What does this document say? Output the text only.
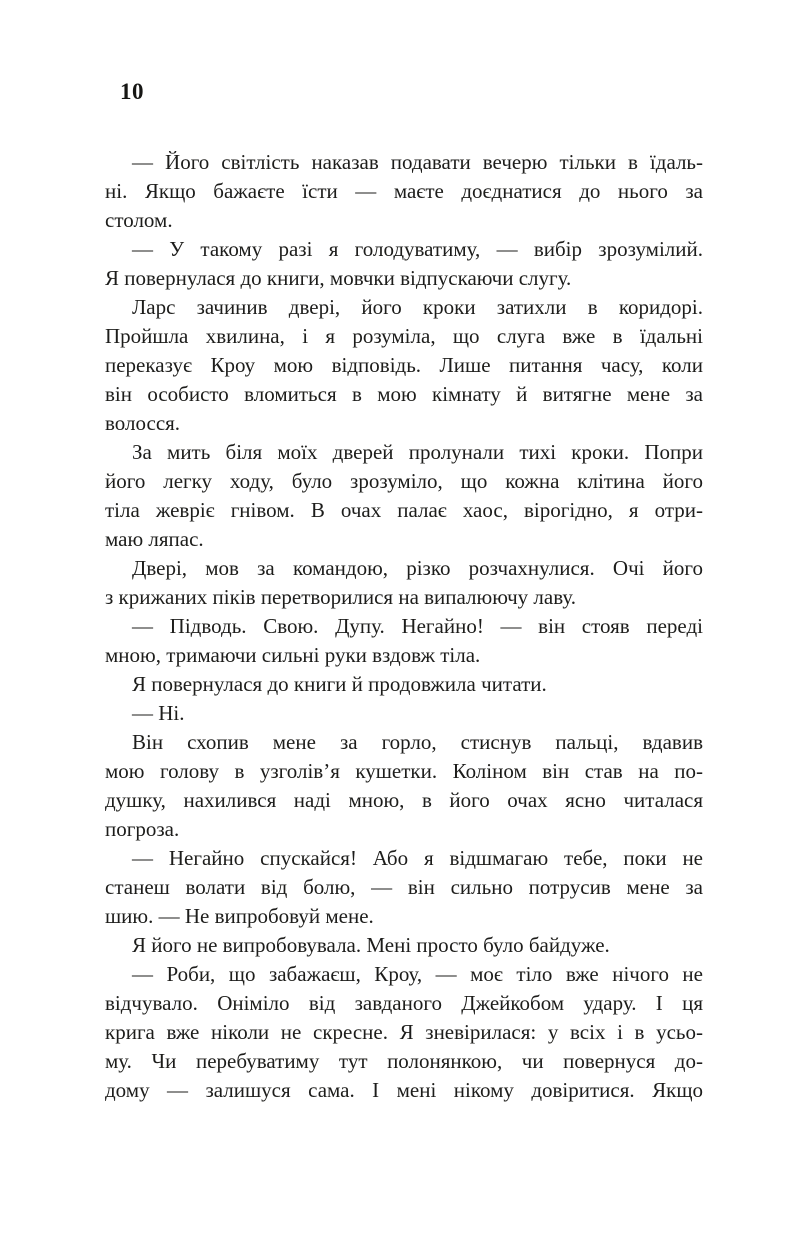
10
— Його світлість наказав подавати вечерю тільки в їдаль-
ні. Якщо бажаєте їсти — маєте доєднатися до нього за
столом.
— У такому разі я голодуватиму, — вибір зрозумілий.
Я повернулася до книги, мовчки відпускаючи слугу.
Ларс зачинив двері, його кроки затихли в коридорі.
Пройшла хвилина, і я розуміла, що слуга вже в їдальні
переказує Кроу мою відповідь. Лише питання часу, коли
він особисто вломиться в мою кімнату й витягне мене за
волосся.
За мить біля моїх дверей пролунали тихі кроки. Попри
його легку ходу, було зрозуміло, що кожна клітина його
тіла жевріє гнівом. В очах палає хаос, вірогідно, я отри-
маю ляпас.
Двері, мов за командою, різко розчахнулися. Очі його
з крижаних піків перетворилися на випалюючу лаву.
— Підводь. Свою. Дупу. Негайно! — він стояв переді
мною, тримаючи сильні руки вздовж тіла.
Я повернулася до книги й продовжила читати.
— Ні.
Він схопив мене за горло, стиснув пальці, вдавив
мою голову в узголів’я кушетки. Коліном він став на по-
душку, нахилився наді мною, в його очах ясно читалася
погроза.
— Негайно спускайся! Або я відшмагаю тебе, поки не
станеш волати від болю, — він сильно потрусив мене за
шию. — Не випробовуй мене.
Я його не випробовувала. Мені просто було байдуже.
— Роби, що забажаєш, Кроу, — моє тіло вже нічого не
відчувало. Оніміло від завданого Джейкобом удару. І ця
крига вже ніколи не скресне. Я зневірилася: у всіх і в усьо-
му. Чи перебуватиму тут полонянкою, чи повернуся до-
дому — залишуся сама. І мені нікому довіритися. Якщо
